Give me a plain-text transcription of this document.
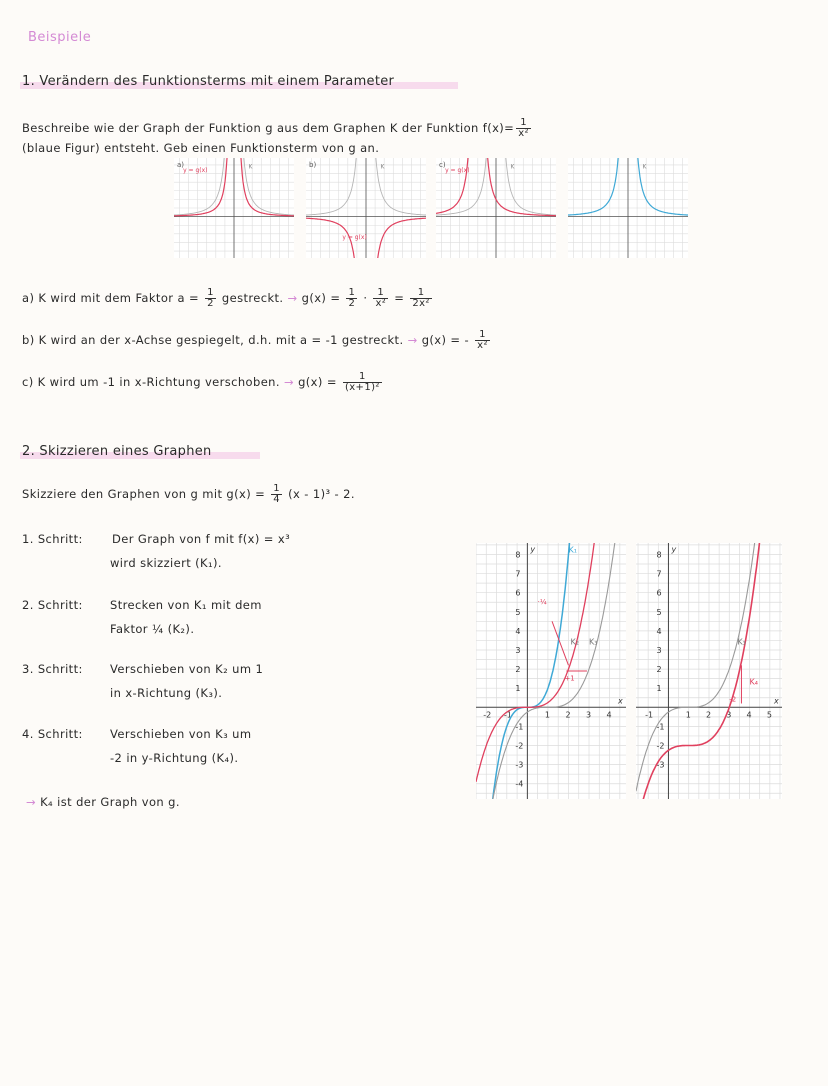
Beispiele
1. Verändern des Funktionsterms mit einem Parameter
Beschreibe wie der Graph der Funktion g aus dem Graphen K der Funktion $f(x)= \frac{1}{\text{x²}}$
(blaue Figur) entsteht. Geb einen Funktionsterm von g an.
a)
y = g(x)	K	b)
y = g(x)
K	c)
y = g(x)	K	K
a) K wird mit dem Faktor $a = \frac{1}{2}$ gestreckt. → $g(x) = \frac{1}{2} \cdot \frac{1}{\text{x²}} = \frac{1}{\text{2x²}}$
b) K wird an der x-Achse gespiegelt, d.h. mit a = -1 gestreckt. → g(x) = - $\frac{1}{\text{x²}}$
c) K wird um -1 in x-Richtung verschoben. → $g(x) = \frac{1}{\text{(x+1)²}}$
2. Skizzieren eines Graphen
Skizziere den Graphen von g mit $g(x) = \frac{1}{4} (x - 1)^3 - 2$.
1. Schritt:	Der Graph von f mit f(x) = x³
wird skizziert (K₁).
2. Schritt: Strecken von K₁ mit dem
Faktor ¼ (K₂).
3. Schritt: Verschieben von K₂ um 1
in x-Richtung (K₃).
4. Schritt: Verschieben von K₃ um
-2 in y-Richtung (K₄).
→ K₄ ist der Graph von g.
-2 -1	1 2 3 4
-4
-3
-2
-1
1
2
3
4
5
6
7
8
x
y	K₁
K₂ K₃
·¼
+1
-1	1 2 3 4 5
-3
-2
-1
1
2
3
4
5
6
7
8
x
y
K₃
K₄
-2
